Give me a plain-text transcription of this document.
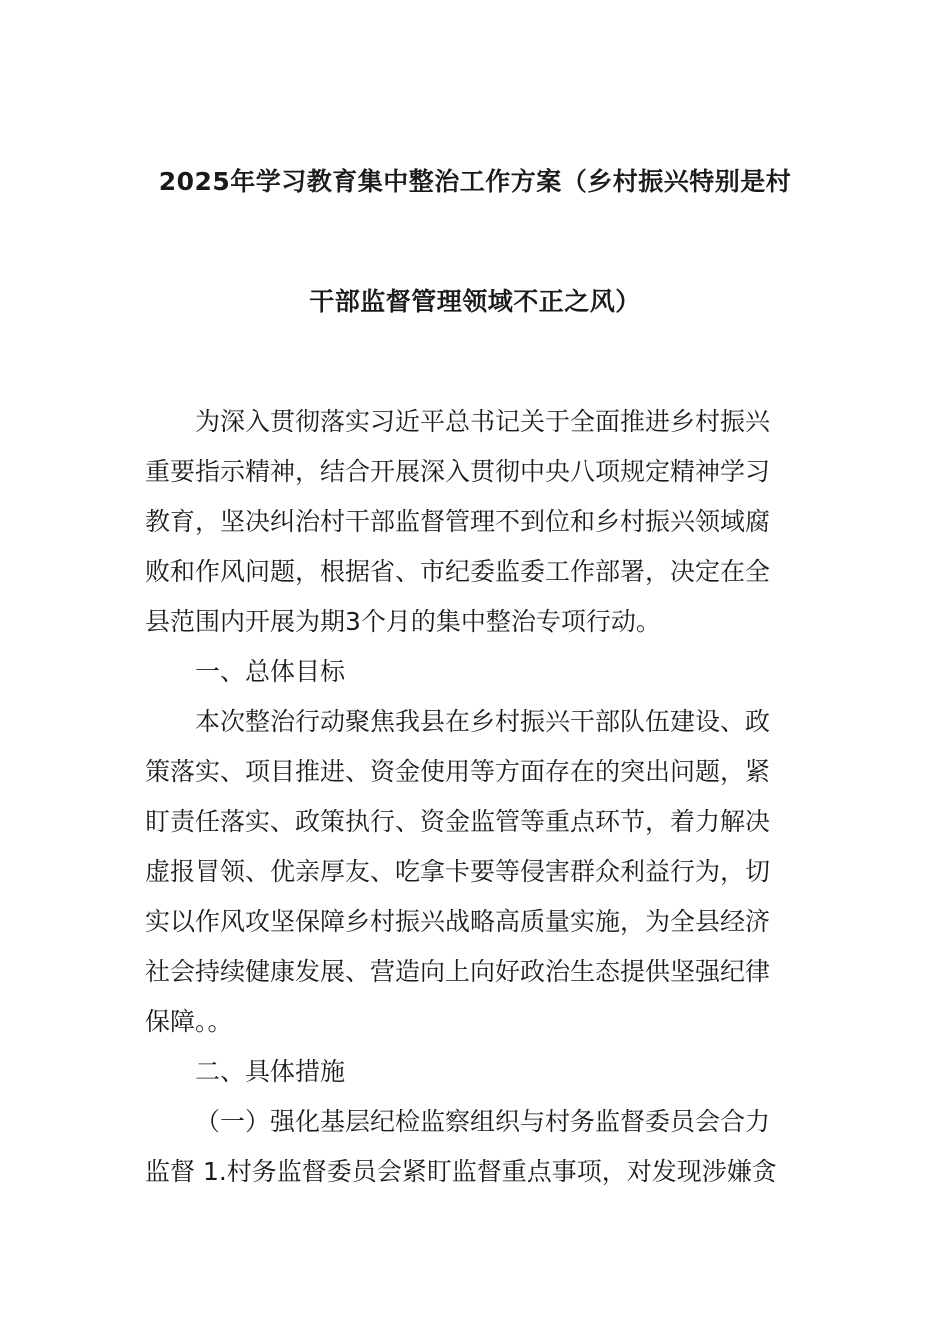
2025年学习教育集中整治工作方案（乡村振兴特别是村
干部监督管理领域不正之风）
为深入贯彻落实习近平总书记关于全面推进乡村振兴
重要指示精神，结合开展深入贯彻中央八项规定精神学习
教育，坚决纠治村干部监督管理不到位和乡村振兴领域腐
败和作风问题，根据省、市纪委监委工作部署，决定在全
县范围内开展为期3个月的集中整治专项行动。
一、总体目标
本次整治行动聚焦我县在乡村振兴干部队伍建设、政
策落实、项目推进、资金使用等方面存在的突出问题，紧
盯责任落实、政策执行、资金监管等重点环节，着力解决
虚报冒领、优亲厚友、吃拿卡要等侵害群众利益行为，切
实以作风攻坚保障乡村振兴战略高质量实施，为全县经济
社会持续健康发展、营造向上向好政治生态提供坚强纪律
保障。。
二、具体措施
（一）强化基层纪检监察组织与村务监督委员会合力
监督 1.村务监督委员会紧盯监督重点事项，对发现涉嫌贪
